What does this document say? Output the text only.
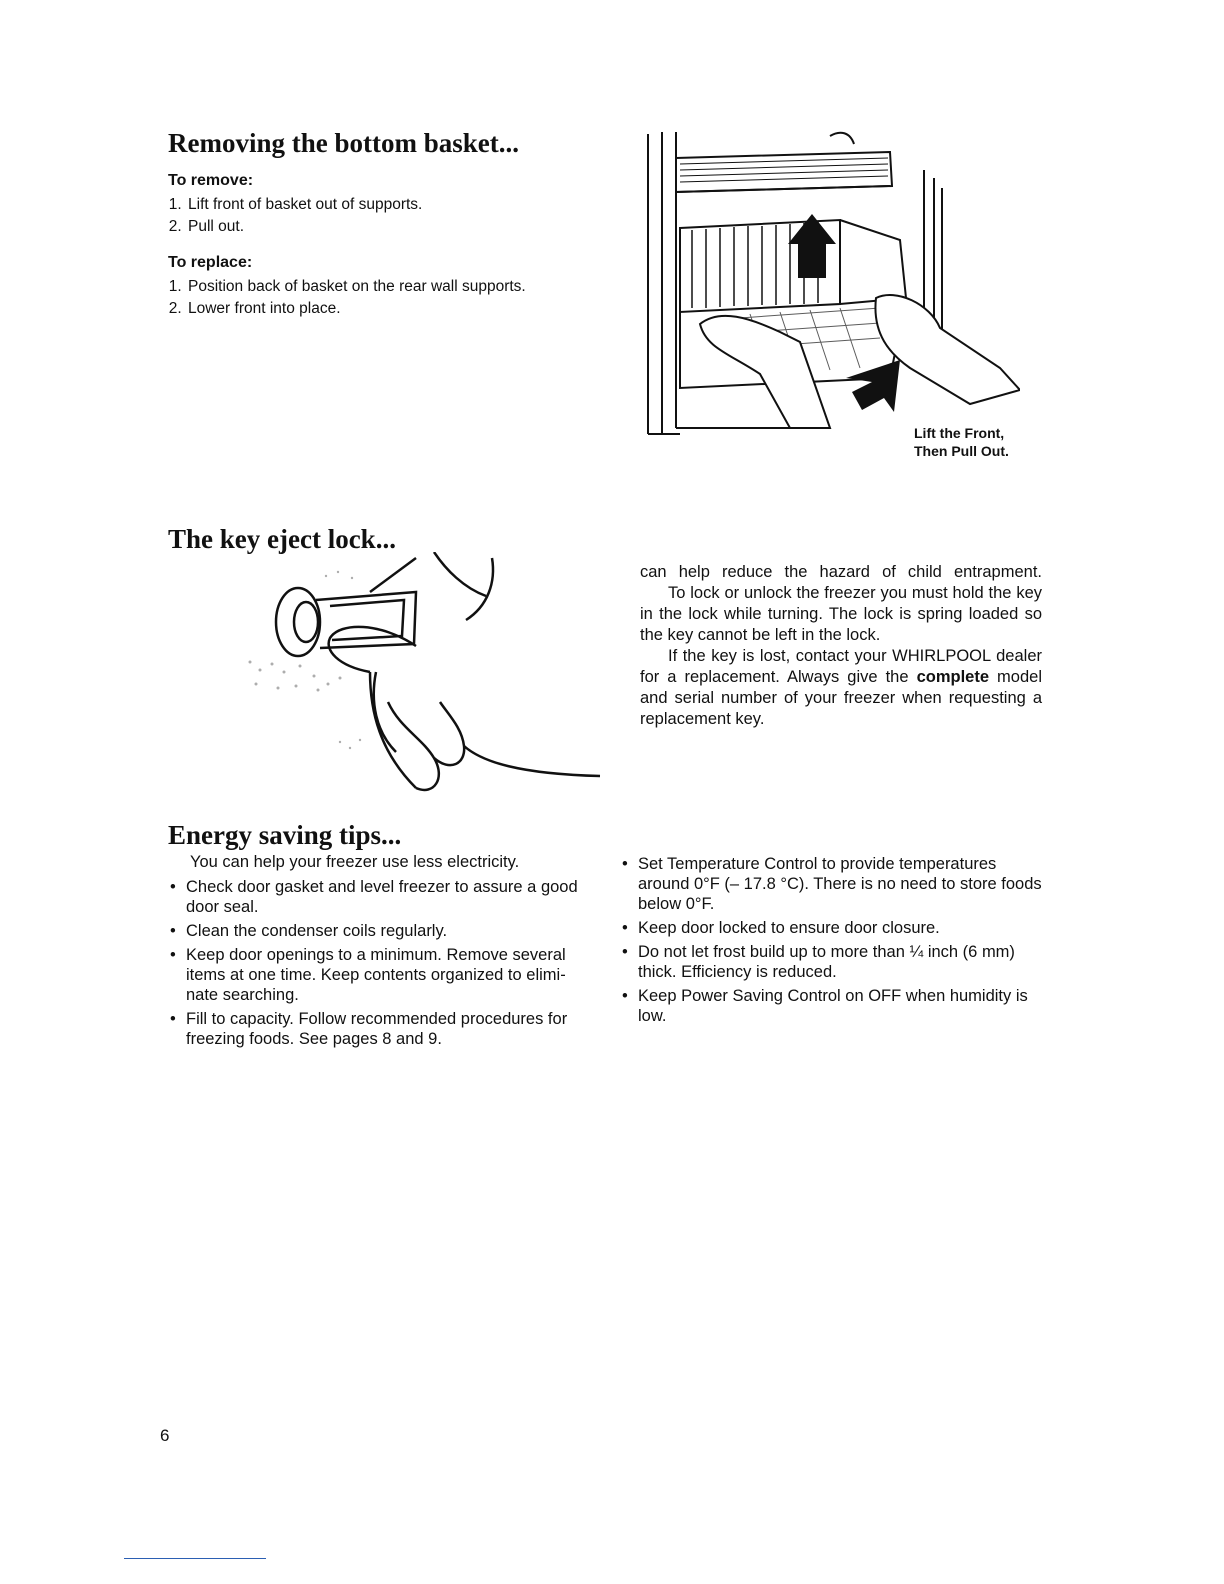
Removing the bottom basket...

To remove:

1. Lift front of basket out of supports.
2. Pull out.

To replace:

1. Position back of basket on the rear wall supports.
2. Lower front into place.
Lift the Front,
Then Pull Out.
The key eject lock...

can help reduce the hazard of child entrapment.

To lock or unlock the freezer you must hold the key in the lock while turning. The lock is spring loaded so the key cannot be left in the lock.

If the key is lost, contact your WHIRLPOOL dealer for a replacement. Always give the complete model and serial number of your freezer when requesting a replacement key.

Energy saving tips...

You can help your freezer use less electricity.

• Check door gasket and level freezer to assure a good door seal.
• Clean the condenser coils regularly.
• Keep door openings to a minimum. Remove several items at one time. Keep contents organized to eliminate searching.
• Fill to capacity. Follow recommended procedures for freezing foods. See pages 8 and 9.
• Set Temperature Control to provide temperatures around 0°F (– 17.8 °C). There is no need to store foods below 0°F.
• Keep door locked to ensure door closure.
• Do not let frost build up to more than ¼ inch (6 mm) thick. Efficiency is reduced.
• Keep Power Saving Control on OFF when humidity is low.
6
